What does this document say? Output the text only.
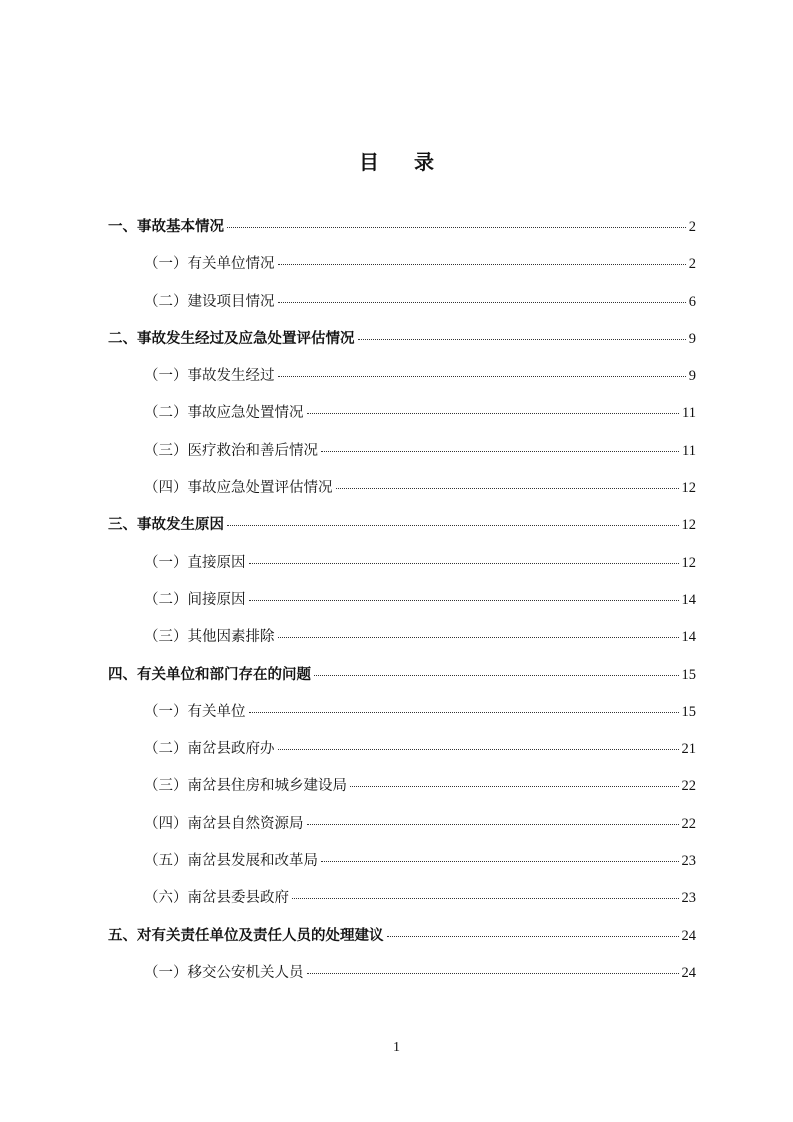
目 录
一、事故基本情况	2
（一）有关单位情况	2
（二）建设项目情况	6
二、事故发生经过及应急处置评估情况	9
（一）事故发生经过	9
（二）事故应急处置情况	11
（三）医疗救治和善后情况	11
（四）事故应急处置评估情况	12
三、事故发生原因	12
（一）直接原因	12
（二）间接原因	14
（三）其他因素排除	14
四、有关单位和部门存在的问题	15
（一）有关单位	15
（二）南岔县政府办	21
（三）南岔县住房和城乡建设局	22
（四）南岔县自然资源局	22
（五）南岔县发展和改革局	23
（六）南岔县委县政府	23
五、对有关责任单位及责任人员的处理建议	24
（一）移交公安机关人员	24
1
